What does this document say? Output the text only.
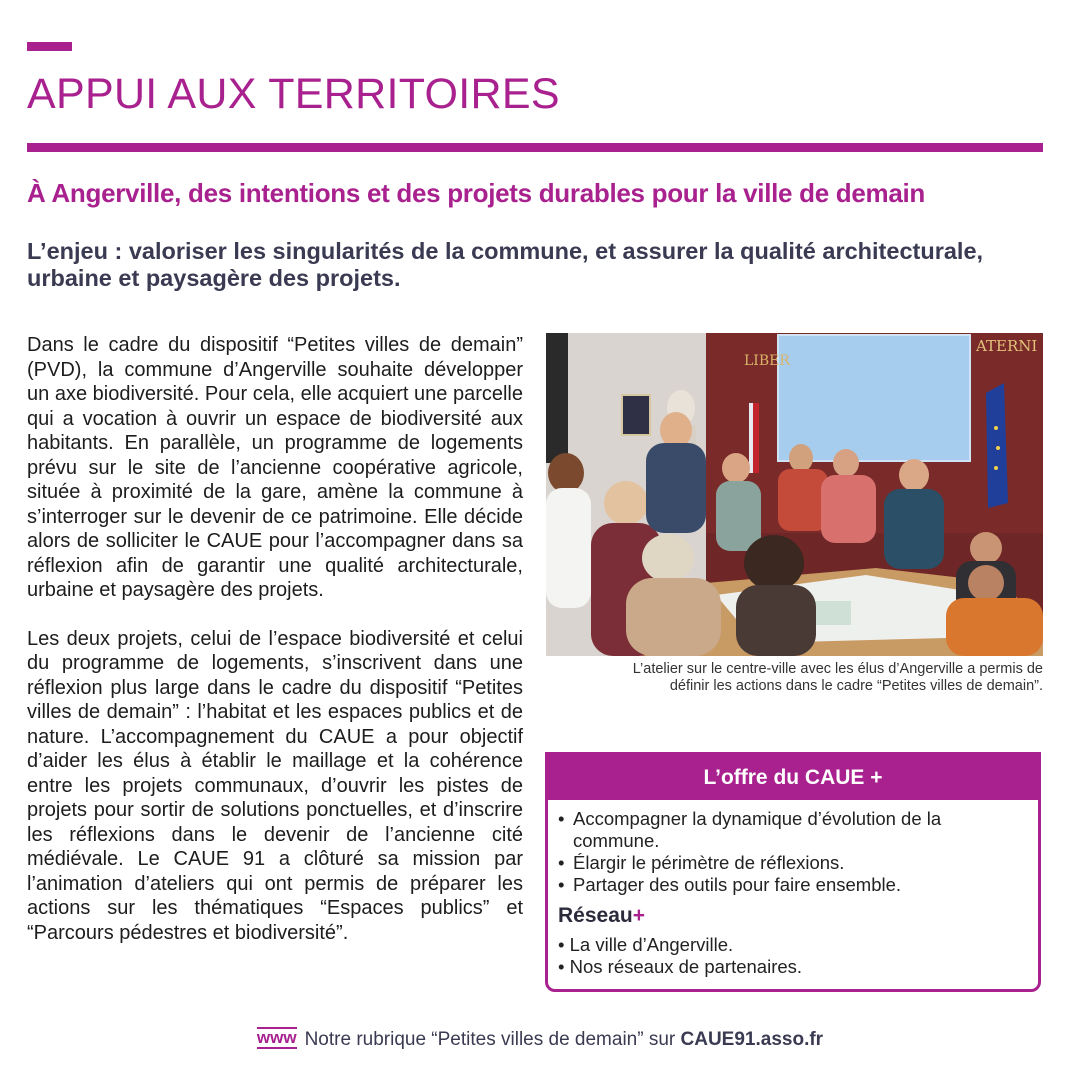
APPUI AUX TERRITOIRES
À Angerville, des intentions et des projets durables pour la ville de demain

L’enjeu : valoriser les singularités de la commune, et assurer la qualité architecturale, urbaine et paysagère des projets.

Dans le cadre du dispositif “Petites villes de demain” (PVD), la commune d’Angerville souhaite développer un axe biodiversité. Pour cela, elle acquiert une parcelle qui a vocation à ouvrir un espace de biodiversité aux habitants. En parallèle, un programme de logements prévu sur le site de l’ancienne coopérative agricole, située à proximité de la gare, amène la commune à s’interroger sur le devenir de ce patrimoine. Elle décide alors de solliciter le CAUE pour l’accompagner dans sa réflexion afin de garantir une qualité architecturale, urbaine et paysagère des projets.

Les deux projets, celui de l’espace biodiversité et celui du programme de logements, s’inscrivent dans une réflexion plus large dans le cadre du dispositif “Petites villes de demain” : l’habitat et les espaces publics et de nature. L’accompagnement du CAUE a pour objectif d’aider les élus à établir le maillage et la cohérence entre les projets communaux, d’ouvrir les pistes de projets pour sortir de solutions ponctuelles, et d’inscrire les réflexions dans le devenir de l’ancienne cité médiévale. Le CAUE 91 a clôturé sa mission par l’animation d’ateliers qui ont permis de préparer les actions sur les thématiques “Espaces publics” et “Parcours pédestres et biodiversité”.

LIBER
ATERNI
L’atelier sur le centre-ville avec les élus d’Angerville a permis de
définir les actions dans le cadre “Petites villes de demain”.
L’offre du CAUE +
• Accompagner la dynamique d’évolution de la commune.
• Élargir le périmètre de réflexions.
• Partager des outils pour faire ensemble.
Réseau+
• La ville d’Angerville.
• Nos réseaux de partenaires.
www Notre rubrique “Petites villes de demain” sur CAUE91.asso.fr
